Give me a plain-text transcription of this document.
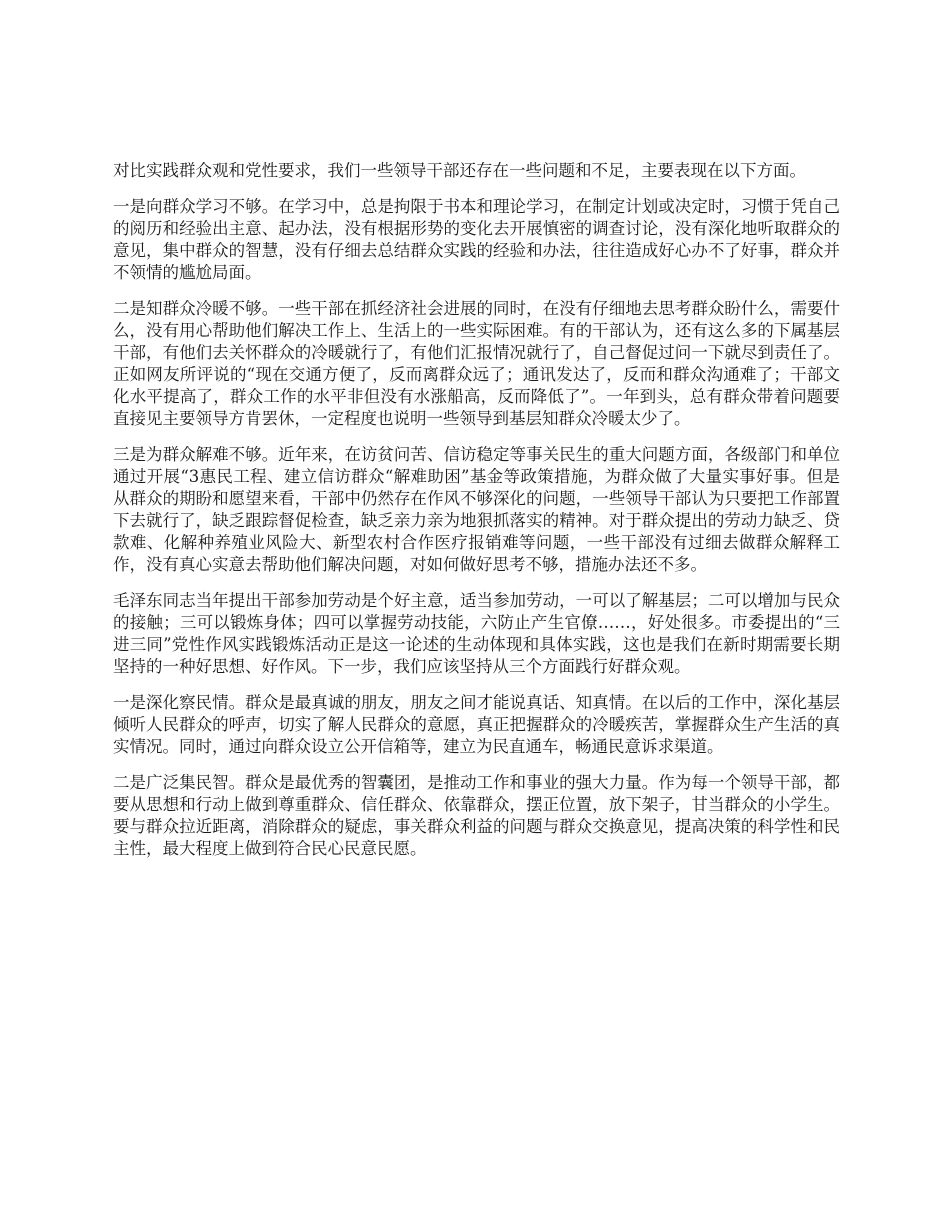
对比实践群众观和党性要求，我们一些领导干部还存在一些问题和不足，主要表现在以下方面。

一是向群众学习不够。在学习中，总是拘限于书本和理论学习，在制定计划或决定时，习惯于凭自己的阅历和经验出主意、起办法，没有根据形势的变化去开展慎密的调查讨论，没有深化地听取群众的意见，集中群众的智慧，没有仔细去总结群众实践的经验和办法，往往造成好心办不了好事，群众并不领情的尴尬局面。

二是知群众冷暖不够。一些干部在抓经济社会进展的同时，在没有仔细地去思考群众盼什么，需要什么，没有用心帮助他们解决工作上、生活上的一些实际困难。有的干部认为，还有这么多的下属基层干部，有他们去关怀群众的冷暖就行了，有他们汇报情况就行了，自己督促过问一下就尽到责任了。正如网友所评说的“现在交通方便了，反而离群众远了；通讯发达了，反而和群众沟通难了；干部文化水平提高了，群众工作的水平非但没有水涨船高，反而降低了”。一年到头，总有群众带着问题要直接见主要领导方肯罢休，一定程度也说明一些领导到基层知群众冷暖太少了。

三是为群众解难不够。近年来，在访贫问苦、信访稳定等事关民生的重大问题方面，各级部门和单位通过开展“3惠民工程、建立信访群众“解难助困”基金等政策措施，为群众做了大量实事好事。但是从群众的期盼和愿望来看，干部中仍然存在作风不够深化的问题，一些领导干部认为只要把工作部置下去就行了，缺乏跟踪督促检查，缺乏亲力亲为地狠抓落实的精神。对于群众提出的劳动力缺乏、贷款难、化解种养殖业风险大、新型农村合作医疗报销难等问题，一些干部没有过细去做群众解释工作，没有真心实意去帮助他们解决问题，对如何做好思考不够，措施办法还不多。

毛泽东同志当年提出干部参加劳动是个好主意，适当参加劳动，一可以了解基层；二可以增加与民众的接触；三可以锻炼身体；四可以掌握劳动技能，六防止产生官僚……，好处很多。市委提出的“三进三同”党性作风实践锻炼活动正是这一论述的生动体现和具体实践，这也是我们在新时期需要长期坚持的一种好思想、好作风。下一步，我们应该坚持从三个方面践行好群众观。

一是深化察民情。群众是最真诚的朋友，朋友之间才能说真话、知真情。在以后的工作中，深化基层倾听人民群众的呼声，切实了解人民群众的意愿，真正把握群众的冷暖疾苦，掌握群众生产生活的真实情况。同时，通过向群众设立公开信箱等，建立为民直通车，畅通民意诉求渠道。

二是广泛集民智。群众是最优秀的智囊团，是推动工作和事业的强大力量。作为每一个领导干部，都要从思想和行动上做到尊重群众、信任群众、依靠群众，摆正位置，放下架子，甘当群众的小学生。要与群众拉近距离，消除群众的疑虑，事关群众利益的问题与群众交换意见，提高决策的科学性和民主性，最大程度上做到符合民心民意民愿。
